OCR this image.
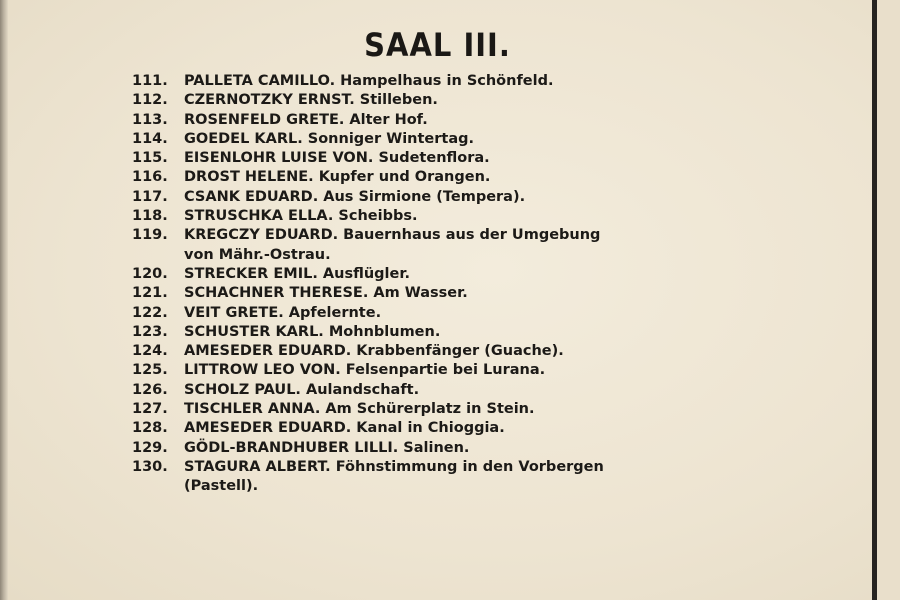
SAAL III.
111.	PALLETA CAMILLO. Hampelhaus in Schönfeld.
112.	CZERNOTZKY ERNST. Stilleben.
113.	ROSENFELD GRETE. Alter Hof.
114.	GOEDEL KARL. Sonniger Wintertag.
115.	EISENLOHR LUISE VON. Sudetenflora.
116.	DROST HELENE. Kupfer und Orangen.
117.	CSANK EDUARD. Aus Sirmione (Tempera).
118.	STRUSCHKA ELLA. Scheibbs.
119.	KREGCZY EDUARD. Bauernhaus aus der Umgebung
von Mähr.-Ostrau.
120.	STRECKER EMIL. Ausflügler.
121.	SCHACHNER THERESE. Am Wasser.
122.	VEIT GRETE. Apfelernte.
123.	SCHUSTER KARL. Mohnblumen.
124.	AMESEDER EDUARD. Krabbenfänger (Guache).
125.	LITTROW LEO VON. Felsenpartie bei Lurana.
126.	SCHOLZ PAUL. Aulandschaft.
127.	TISCHLER ANNA. Am Schürerplatz in Stein.
128.	AMESEDER EDUARD. Kanal in Chioggia.
129.	GÖDL-BRANDHUBER LILLI. Salinen.
130.	STAGURA ALBERT. Föhnstimmung in den Vorbergen
(Pastell).
